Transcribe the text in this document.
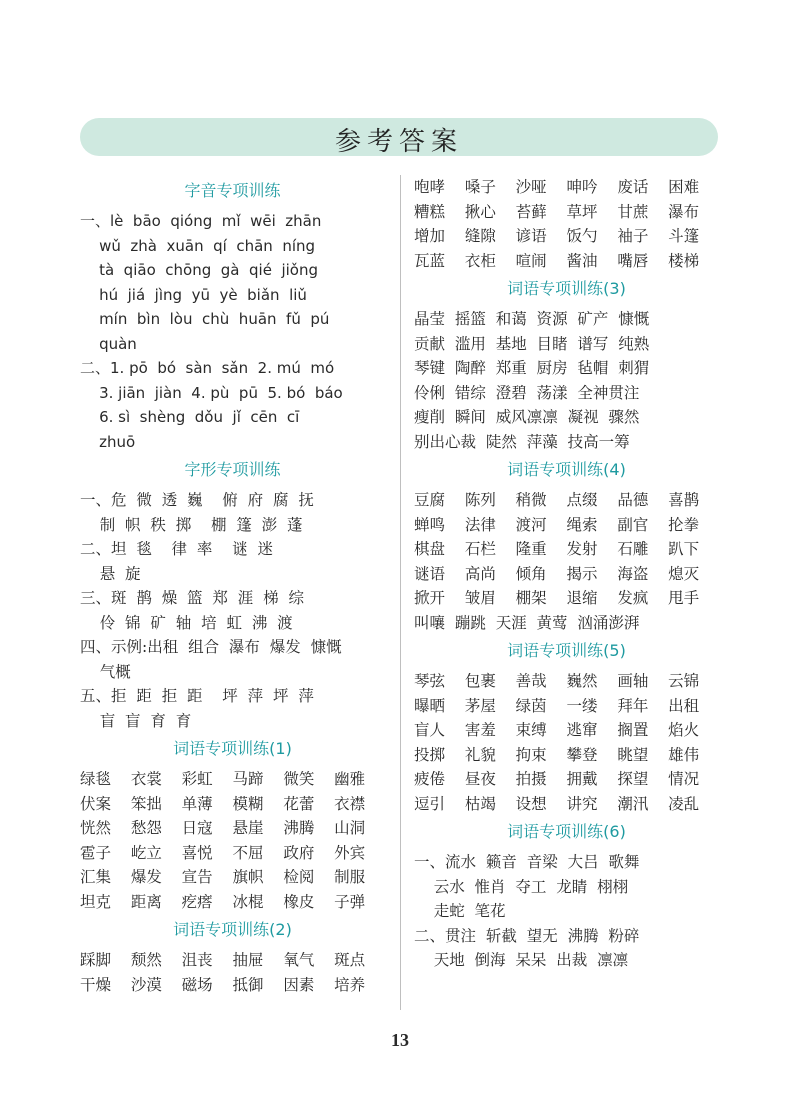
参考答案
字音专项训练
一、lè  bāo  qióng  mǐ  wēi  zhān
wǔ  zhà  xuān  qí  chān  níng
tà  qiāo  chōng  gà  qié  jiǒng
hú  jiá  jìng  yū  yè  biǎn  liǔ
mín  bìn  lòu  chù  huān  fǔ  pú
quàn
二、1. pō  bó  sàn  sǎn  2. mú  mó
3. jiān  jiàn  4. pù  pū  5. bó  báo
6. sì  shèng  dǒu  jǐ  cēn  cī
zhuō
字形专项训练
一、危  微  透  巍    俯  府  腐  抚
制  帜  秩  掷    棚  篷  澎  蓬
二、坦  毯    律  率    谜  迷
悬  旋
三、斑  鹊  燥  篮  郑  涯  梯  综
伶  锦  矿  轴  培  虹  沸  渡
四、示例:出租  组合  瀑布  爆发  慷慨
气概
五、拒  距  拒  距    坪  萍  坪  萍
盲  盲  育  育
词语专项训练(1)
绿毯	衣裳	彩虹	马蹄	微笑	幽雅
伏案	笨拙	单薄	模糊	花蕾	衣襟
恍然	愁怨	日寇	悬崖	沸腾	山洞
雹子	屹立	喜悦	不屈	政府	外宾
汇集	爆发	宣告	旗帜	检阅	制服
坦克	距离	疙瘩	冰棍	橡皮	子弹
词语专项训练(2)
踩脚	颓然	沮丧	抽屉	氧气	斑点
干燥	沙漠	磁场	抵御	因素	培养
咆哮	嗓子	沙哑	呻吟	废话	困难
糟糕	揪心	苔藓	草坪	甘蔗	瀑布
增加	缝隙	谚语	饭勺	袖子	斗篷
瓦蓝	衣柜	喧闹	酱油	嘴唇	楼梯
词语专项训练(3)
晶莹  摇篮  和蔼  资源  矿产  慷慨
贡献  滥用  基地  目睹  谱写  纯熟
琴键  陶醉  郑重  厨房  毡帽  刺猬
伶俐  错综  澄碧  荡漾  全神贯注
瘦削  瞬间  威风凛凛  凝视  骤然
别出心裁  陡然  萍藻  技高一筹
词语专项训练(4)
豆腐	陈列	稍微	点缀	品德	喜鹊
蝉鸣	法律	渡河	绳索	副官	抡拳
棋盘	石栏	隆重	发射	石雕	趴下
谜语	高尚	倾角	揭示	海盗	熄灭
掀开	皱眉	棚架	退缩	发疯	甩手
叫嚷  蹦跳  天涯  黄莺  汹涌澎湃
词语专项训练(5)
琴弦	包裹	善哉	巍然	画轴	云锦
曝晒	茅屋	绿茵	一缕	拜年	出租
盲人	害羞	束缚	逃窜	搁置	焰火
投掷	礼貌	拘束	攀登	眺望	雄伟
疲倦	昼夜	拍摄	拥戴	探望	情况
逗引	枯竭	设想	讲究	潮汛	凌乱
词语专项训练(6)
一、流水  籁音  音梁  大吕  歌舞
云水  惟肖  夺工  龙睛  栩栩
走蛇  笔花
二、贯注  斩截  望无  沸腾  粉碎
天地  倒海  呆呆  出裁  凛凛
13
